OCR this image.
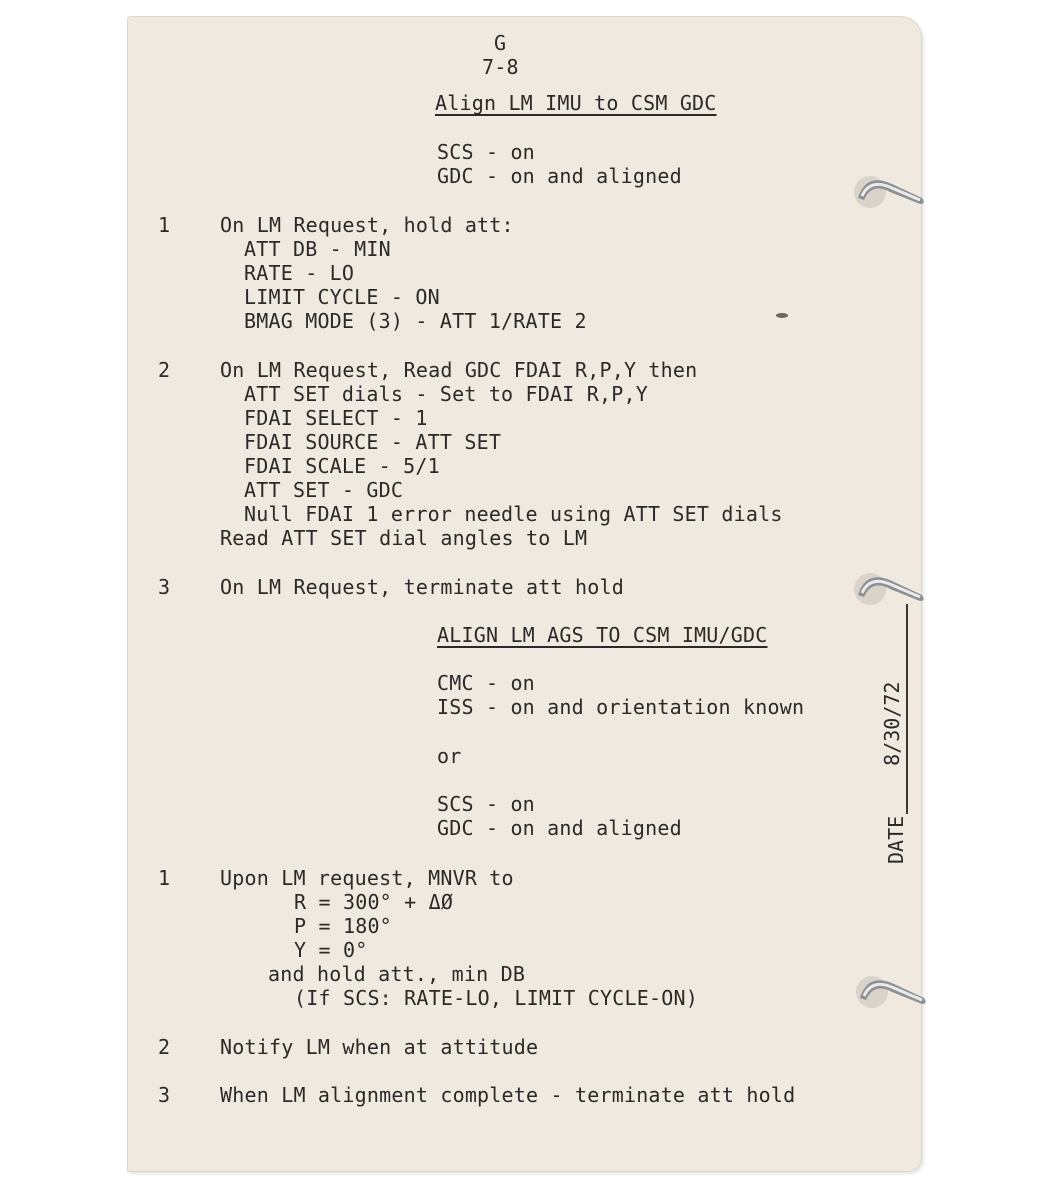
G
7-8
Align LM IMU to CSM GDC
SCS - on
GDC - on and aligned
1 On LM Request, hold att:
ATT DB - MIN
RATE - LO
LIMIT CYCLE - ON
BMAG MODE (3) - ATT 1/RATE 2
2 On LM Request, Read GDC FDAI R,P,Y then
ATT SET dials - Set to FDAI R,P,Y
FDAI SELECT - 1
FDAI SOURCE - ATT SET
FDAI SCALE - 5/1
ATT SET - GDC
Null FDAI 1 error needle using ATT SET dials
Read ATT SET dial angles to LM
3 On LM Request, terminate att hold
ALIGN LM AGS TO CSM IMU/GDC
CMC - on
ISS - on and orientation known
or
SCS - on
GDC - on and aligned
1 Upon LM request, MNVR to
R = 300° + ΔØ
P = 180°
Y = 0°
and hold att., min DB
(If SCS: RATE-LO, LIMIT CYCLE-ON)
2 Notify LM when at attitude
3 When LM alignment complete - terminate att hold
DATE
8/30/72
